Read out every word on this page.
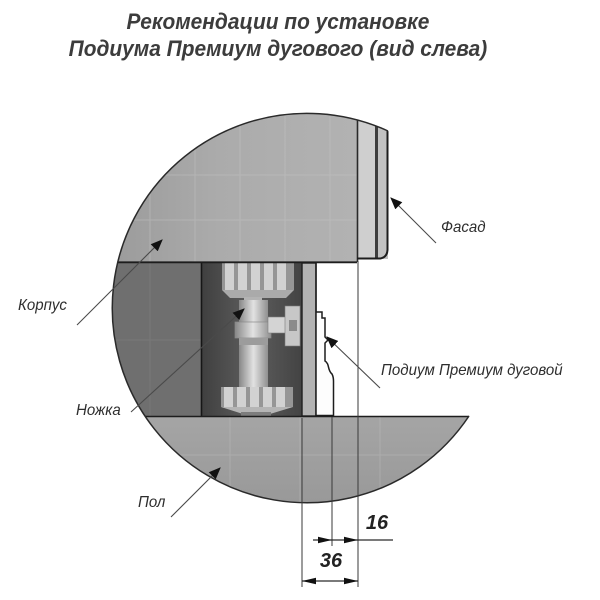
Рекомендации по установке
Подиума Премиум дугового (вид слева)
Корпус
Ножка
Пол
Фасад
Подиум Премиум дуговой
16
36
